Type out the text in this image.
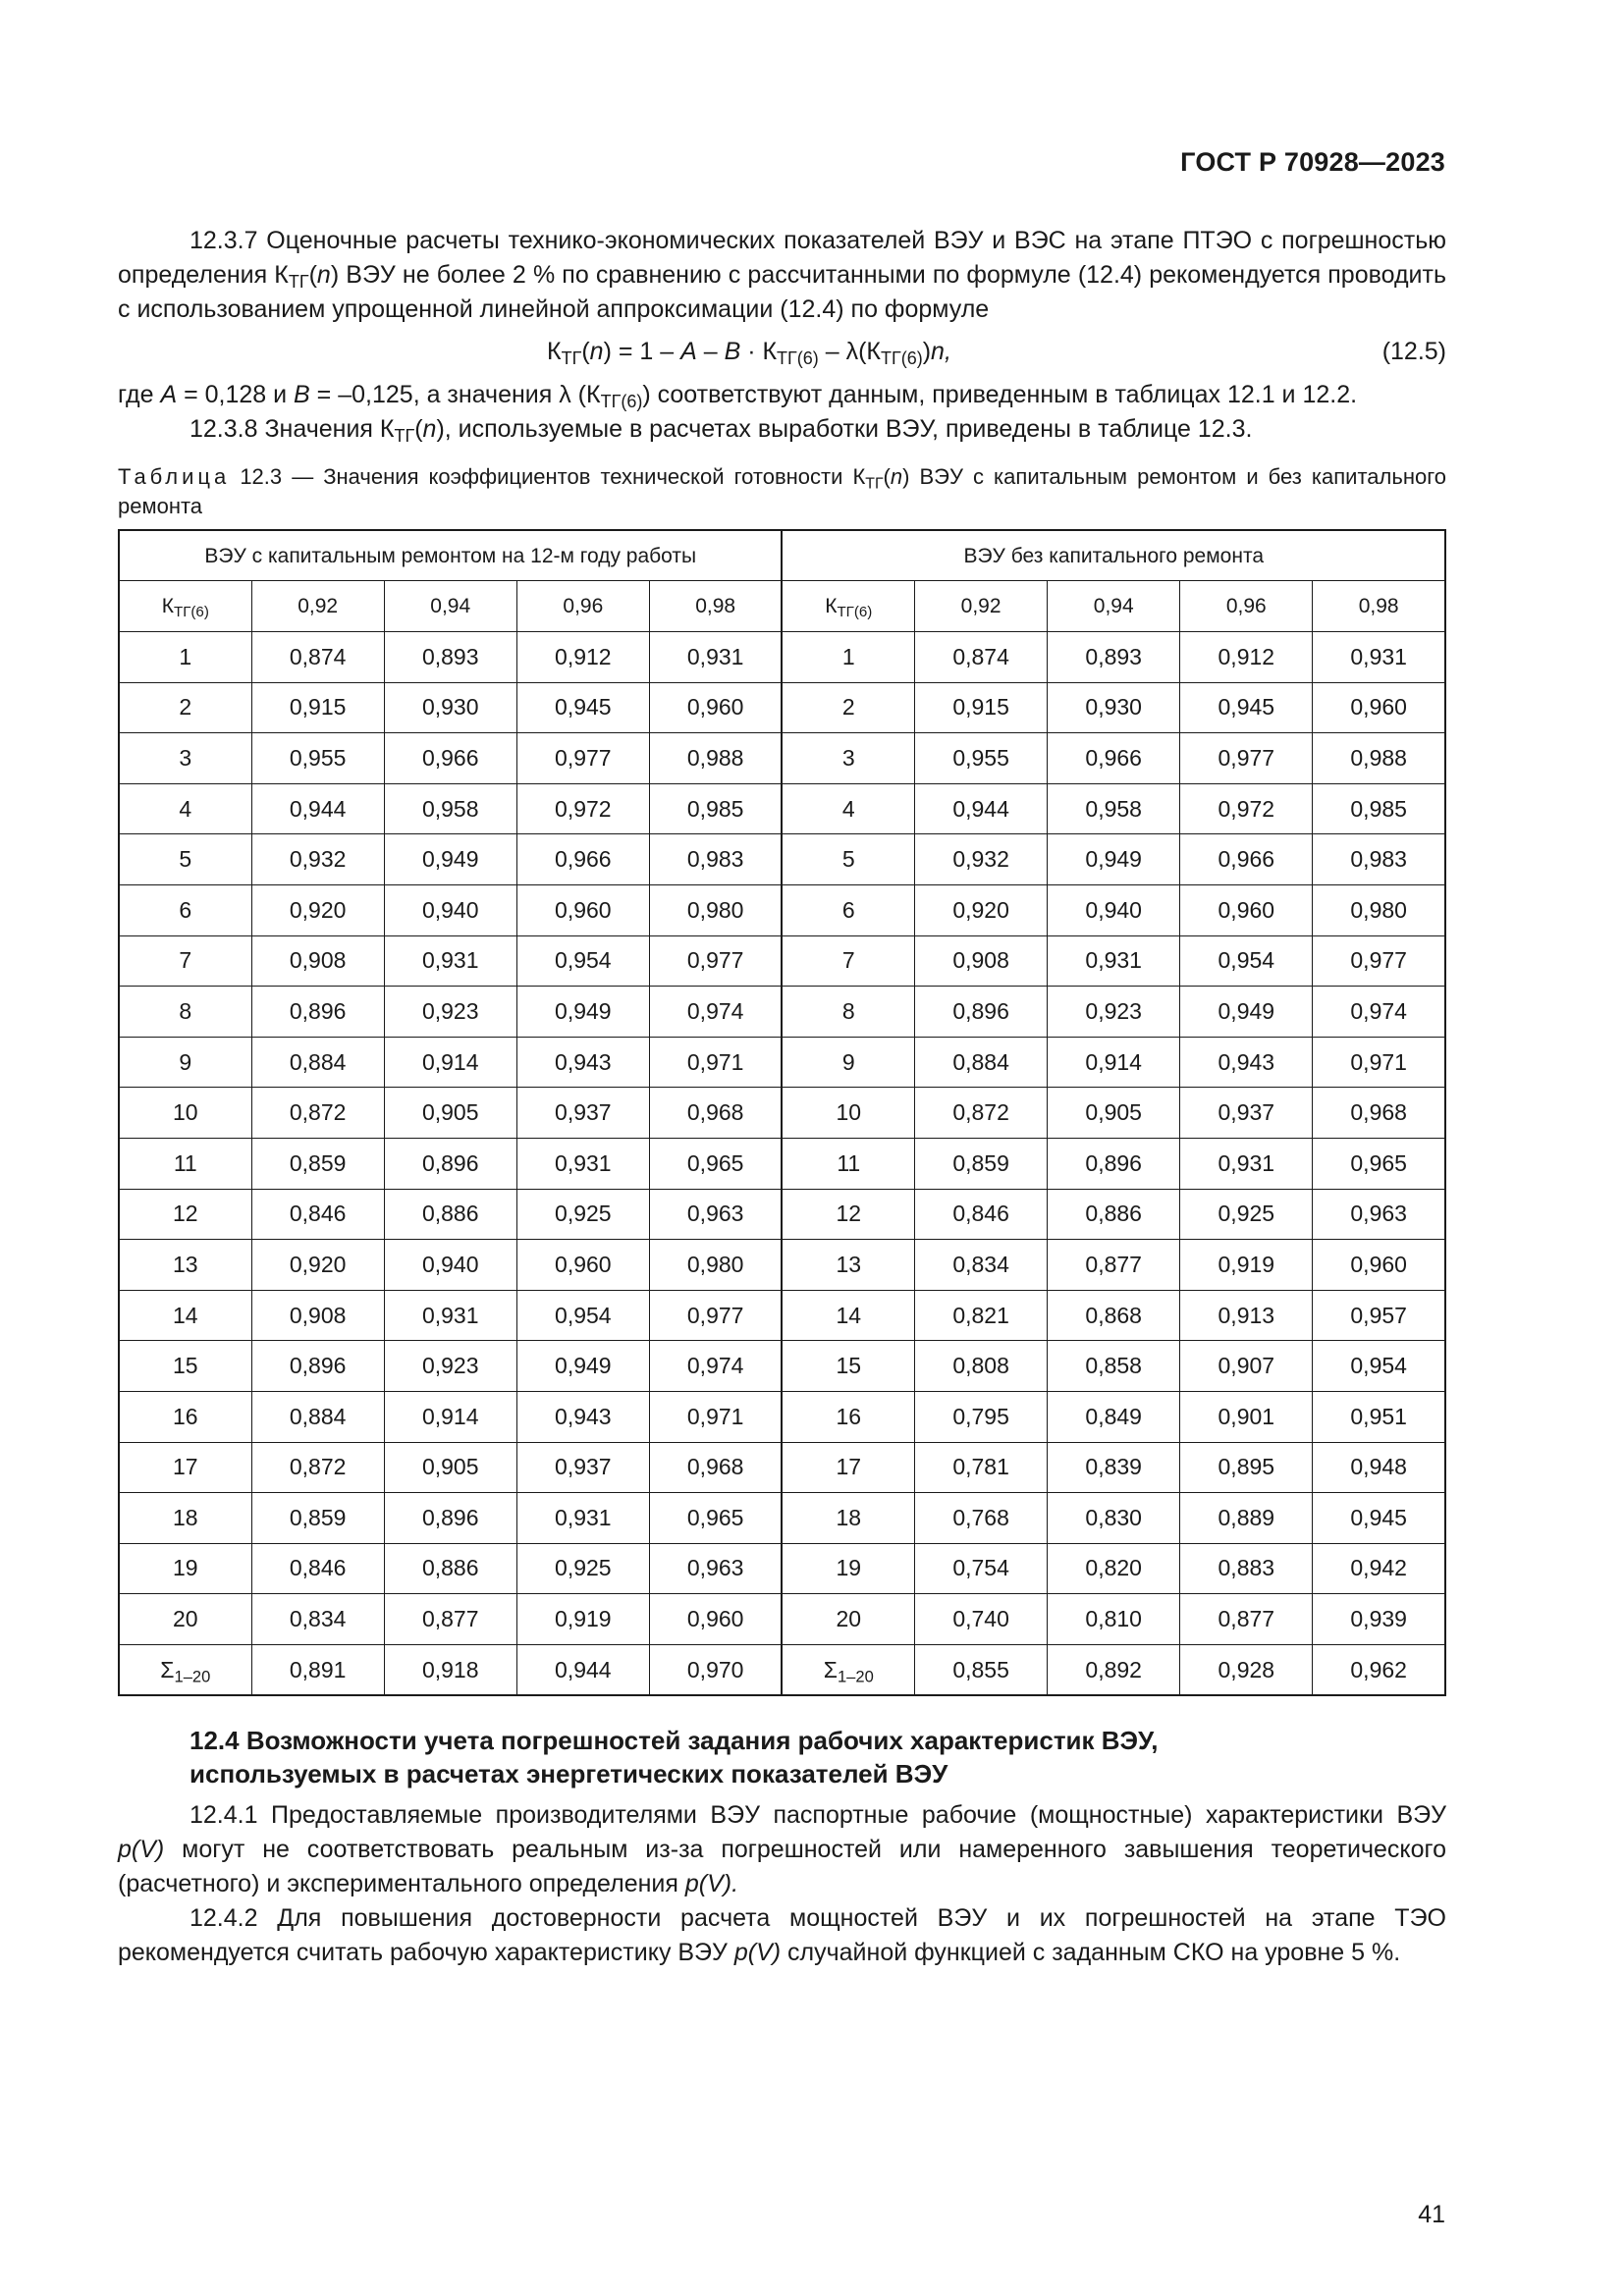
ГОСТ Р 70928—2023

12.3.7 Оценочные расчеты технико-экономических показателей ВЭУ и ВЭС на этапе ПТЭО с погрешностью определения $К_{ТГ}(n)$ ВЭУ не более 2 % по сравнению с рассчитанными по формуле (12.4) рекомендуется проводить с использованием упрощенной линейной аппроксимации (12.4) по формуле

$К_{ТГ}(n) = 1 - A - B \cdot К_{ТГ(6)} - \lambda(К_{ТГ(6)})n$,	(12.5)

где A = 0,128 и B = –0,125, а значения λ $(К_{ТГ(6)})$ соответствуют данным, приведенным в таблицах 12.1 и 12.2.

12.3.8 Значения $К_{ТГ}(n)$, используемые в расчетах выработки ВЭУ, приведены в таблице 12.3.

Таблица 12.3 — Значения коэффициентов технической готовности $К_{ТГ}(n)$ ВЭУ с капитальным ремонтом и без капитального ремонта
ВЭУ с капитальным ремонтом на 12-м году работы					ВЭУ без капитального ремонта				
$К_{ТГ(6)}$	0,92	0,94	0,96	0,98	$К_{ТГ(6)}$	0,92	0,94	0,96	0,98
1	0,874	0,893	0,912	0,931	1	0,874	0,893	0,912	0,931
2	0,915	0,930	0,945	0,960	2	0,915	0,930	0,945	0,960
3	0,955	0,966	0,977	0,988	3	0,955	0,966	0,977	0,988
4	0,944	0,958	0,972	0,985	4	0,944	0,958	0,972	0,985
5	0,932	0,949	0,966	0,983	5	0,932	0,949	0,966	0,983
6	0,920	0,940	0,960	0,980	6	0,920	0,940	0,960	0,980
7	0,908	0,931	0,954	0,977	7	0,908	0,931	0,954	0,977
8	0,896	0,923	0,949	0,974	8	0,896	0,923	0,949	0,974
9	0,884	0,914	0,943	0,971	9	0,884	0,914	0,943	0,971
10	0,872	0,905	0,937	0,968	10	0,872	0,905	0,937	0,968
11	0,859	0,896	0,931	0,965	11	0,859	0,896	0,931	0,965
12	0,846	0,886	0,925	0,963	12	0,846	0,886	0,925	0,963
13	0,920	0,940	0,960	0,980	13	0,834	0,877	0,919	0,960
14	0,908	0,931	0,954	0,977	14	0,821	0,868	0,913	0,957
15	0,896	0,923	0,949	0,974	15	0,808	0,858	0,907	0,954
16	0,884	0,914	0,943	0,971	16	0,795	0,849	0,901	0,951
17	0,872	0,905	0,937	0,968	17	0,781	0,839	0,895	0,948
18	0,859	0,896	0,931	0,965	18	0,768	0,830	0,889	0,945
19	0,846	0,886	0,925	0,963	19	0,754	0,820	0,883	0,942
20	0,834	0,877	0,919	0,960	20	0,740	0,810	0,877	0,939
$\Sigma_{1-20}$	0,891	0,918	0,944	0,970	$\Sigma_{1-20}$	0,855	0,892	0,928	0,962
12.4 Возможности учета погрешностей задания рабочих характеристик ВЭУ,
используемых в расчетах энергетических показателей ВЭУ

12.4.1 Предоставляемые производителями ВЭУ паспортные рабочие (мощностные) характеристики ВЭУ p(V) могут не соответствовать реальным из-за погрешностей или намеренного завышения теоретического (расчетного) и экспериментального определения p(V).

12.4.2 Для повышения достоверности расчета мощностей ВЭУ и их погрешностей на этапе ТЭО рекомендуется считать рабочую характеристику ВЭУ p(V) случайной функцией с заданным СКО на уровне 5 %.

41
